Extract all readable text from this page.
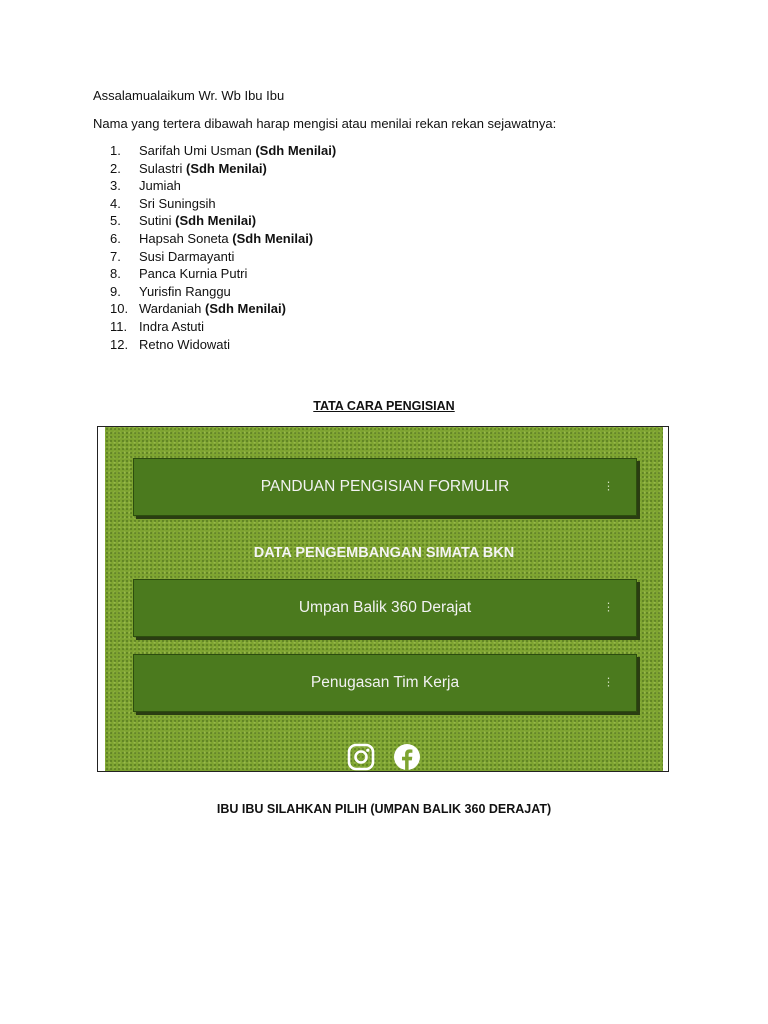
Assalamualaikum Wr. Wb Ibu Ibu
Nama yang tertera dibawah harap mengisi atau menilai rekan rekan sejawatnya:
1. Sarifah Umi Usman (Sdh Menilai)
2. Sulastri (Sdh Menilai)
3. Jumiah
4. Sri Suningsih
5. Sutini (Sdh Menilai)
6. Hapsah Soneta (Sdh Menilai)
7. Susi Darmayanti
8. Panca Kurnia Putri
9. Yurisfin Ranggu
10. Wardaniah (Sdh Menilai)
11. Indra Astuti
12. Retno Widowati
TATA CARA PENGISIAN
PANDUAN PENGISIAN FORMULIR	⋮
DATA PENGEMBANGAN SIMATA BKN
Umpan Balik 360 Derajat	⋮
Penugasan Tim Kerja	⋮
IBU IBU SILAHKAN PILIH (UMPAN BALIK 360 DERAJAT)
